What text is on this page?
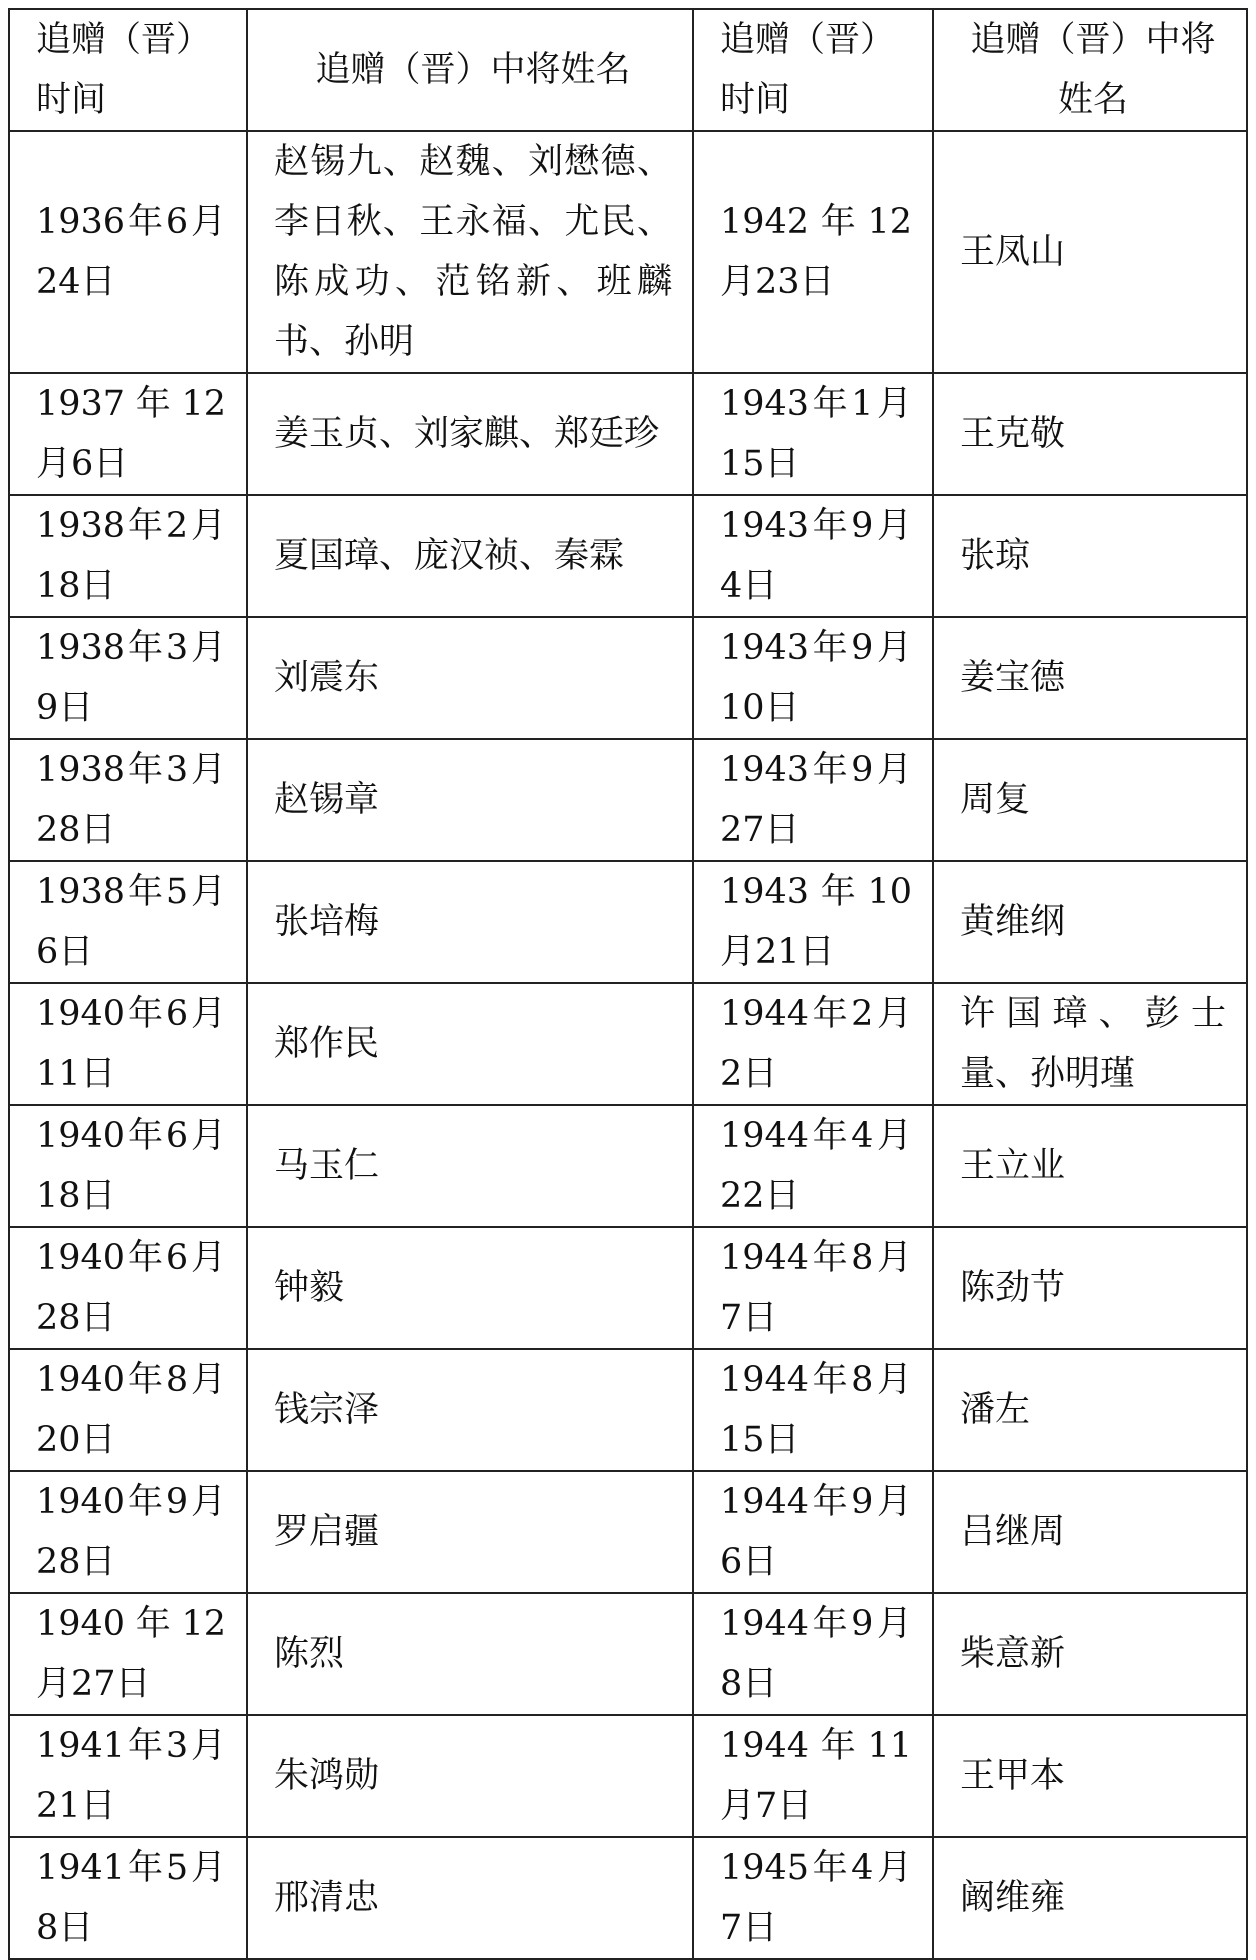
追赠（晋）时间	追赠（晋）中将姓名	追赠（晋）时间	追赠（晋）中将姓名
1936年6月24日	赵锡九、赵魏、刘懋德、李日秋、王永福、尤民、陈成功、范铭新、班麟书、孙明	1942年12月23日	王凤山
1937年12月6日	姜玉贞、刘家麒、郑廷珍	1943年1月15日	王克敬
1938年2月18日	夏国璋、庞汉祯、秦霖	1943年9月4日	张琼
1938年3月9日	刘震东	1943年9月10日	姜宝德
1938年3月28日	赵锡章	1943年9月27日	周复
1938年5月6日	张培梅	1943年10月21日	黄维纲
1940年6月11日	郑作民	1944年2月2日	许国璋、彭士量、孙明瑾
1940年6月18日	马玉仁	1944年4月22日	王立业
1940年6月28日	钟毅	1944年8月7日	陈劲节
1940年8月20日	钱宗泽	1944年8月15日	潘左
1940年9月28日	罗启疆	1944年9月6日	吕继周
1940年12月27日	陈烈	1944年9月8日	柴意新
1941年3月21日	朱鸿勋	1944年11月7日	王甲本
1941年5月8日	邢清忠	1945年4月7日	阚维雍
